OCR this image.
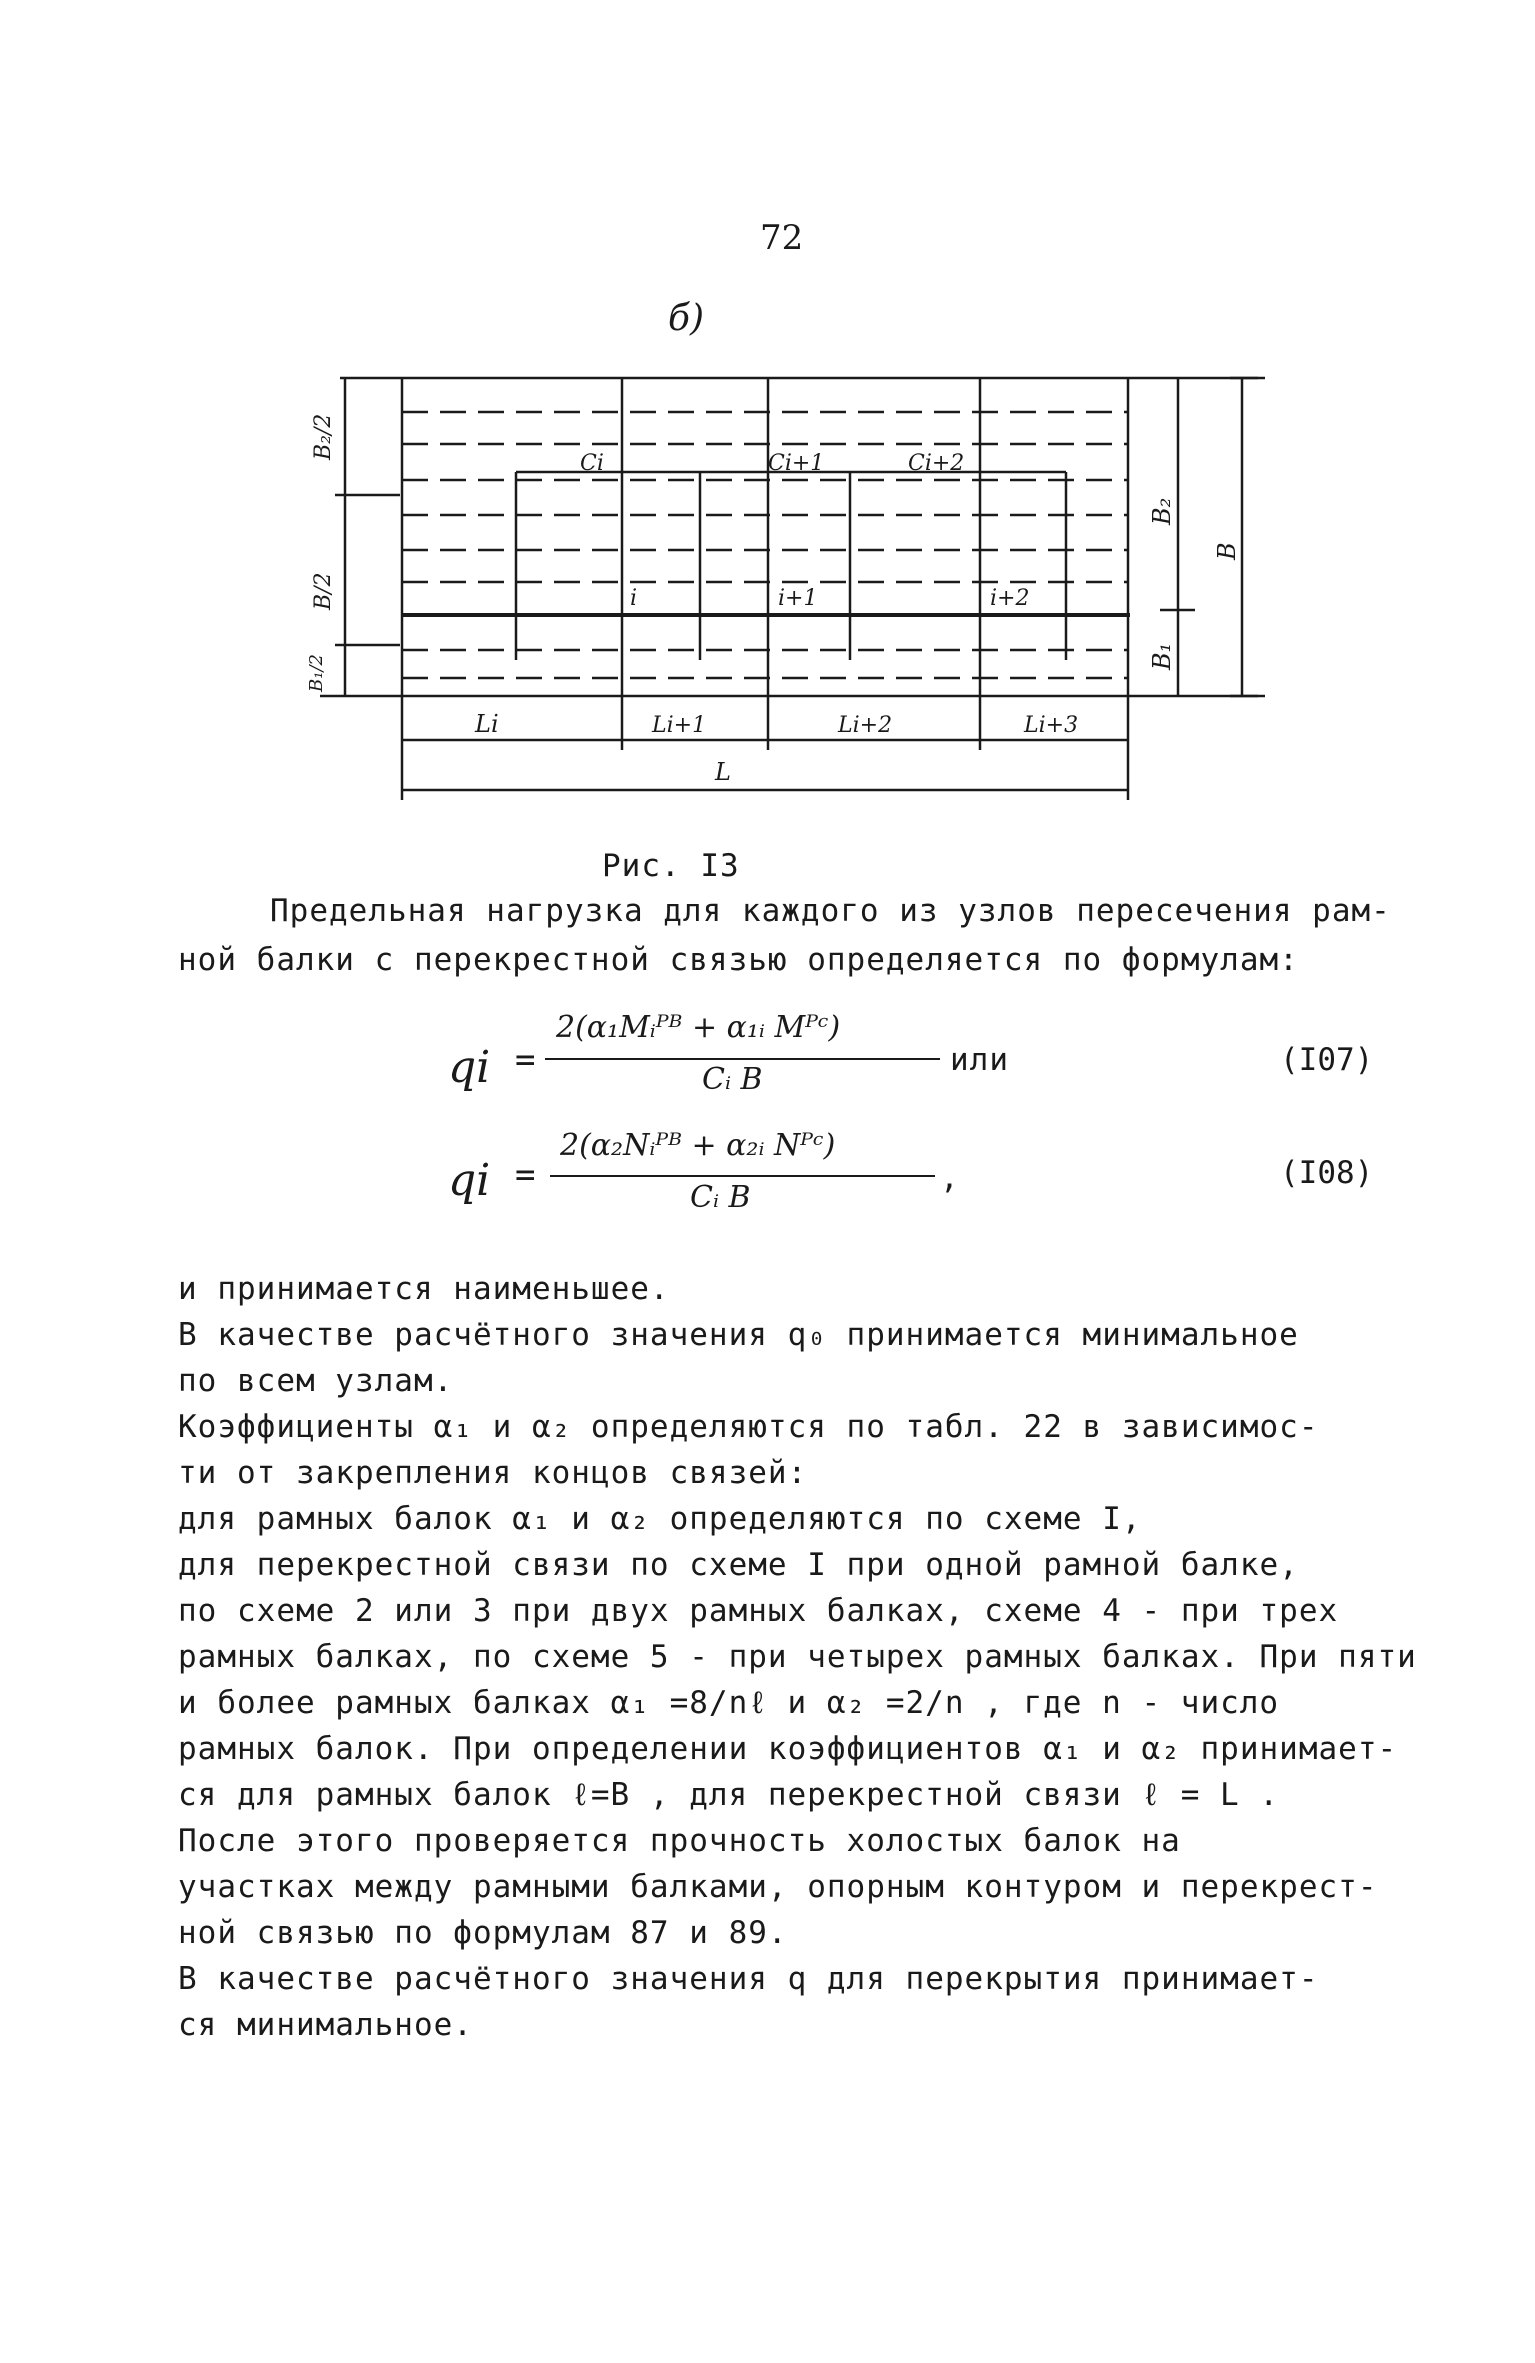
72
б)
B₂/2
B/2
B₁/2
Ci	Ci+1	Ci+2
i	i+1	i+2
B₂
B
B₁
Li	Li+1	Li+2	Li+3
L
Рис. I3
Предельная нагрузка для каждого из узлов пересечения рам-
ной балки с перекрестной связью определяется по формулам:
qi =
2(α₁Mᵢᴾᴮ + α₁ᵢ Mᴾᶜ)
Cᵢ B
или	(I07)
qi =
2(α₂Nᵢᴾᴮ + α₂ᵢ Nᴾᶜ)
Cᵢ B
,	(I08)
и принимается наименьшее.
В качестве расчётного значения q₀ принимается минимальное
по всем узлам.
Коэффициенты α₁ и α₂ определяются по табл. 22 в зависимос-
ти от закрепления концов связей:
для рамных балок α₁ и α₂ определяются по схеме I,
для перекрестной связи по схеме I при одной рамной балке,
по схеме 2 или 3 при двух рамных балках, схеме 4 - при трех
рамных балках, по схеме 5 - при четырех рамных балках. При пяти
и более рамных балках α₁ =8/nℓ и α₂ =2/n , где n - число
рамных балок. При определении коэффициентов α₁ и α₂ принимает-
ся для рамных балок ℓ=B , для перекрестной связи ℓ = L .
После этого проверяется прочность холостых балок на
участках между рамными балками, опорным контуром и перекрест-
ной связью по формулам 87 и 89.
В качестве расчётного значения q для перекрытия принимает-
ся минимальное.
